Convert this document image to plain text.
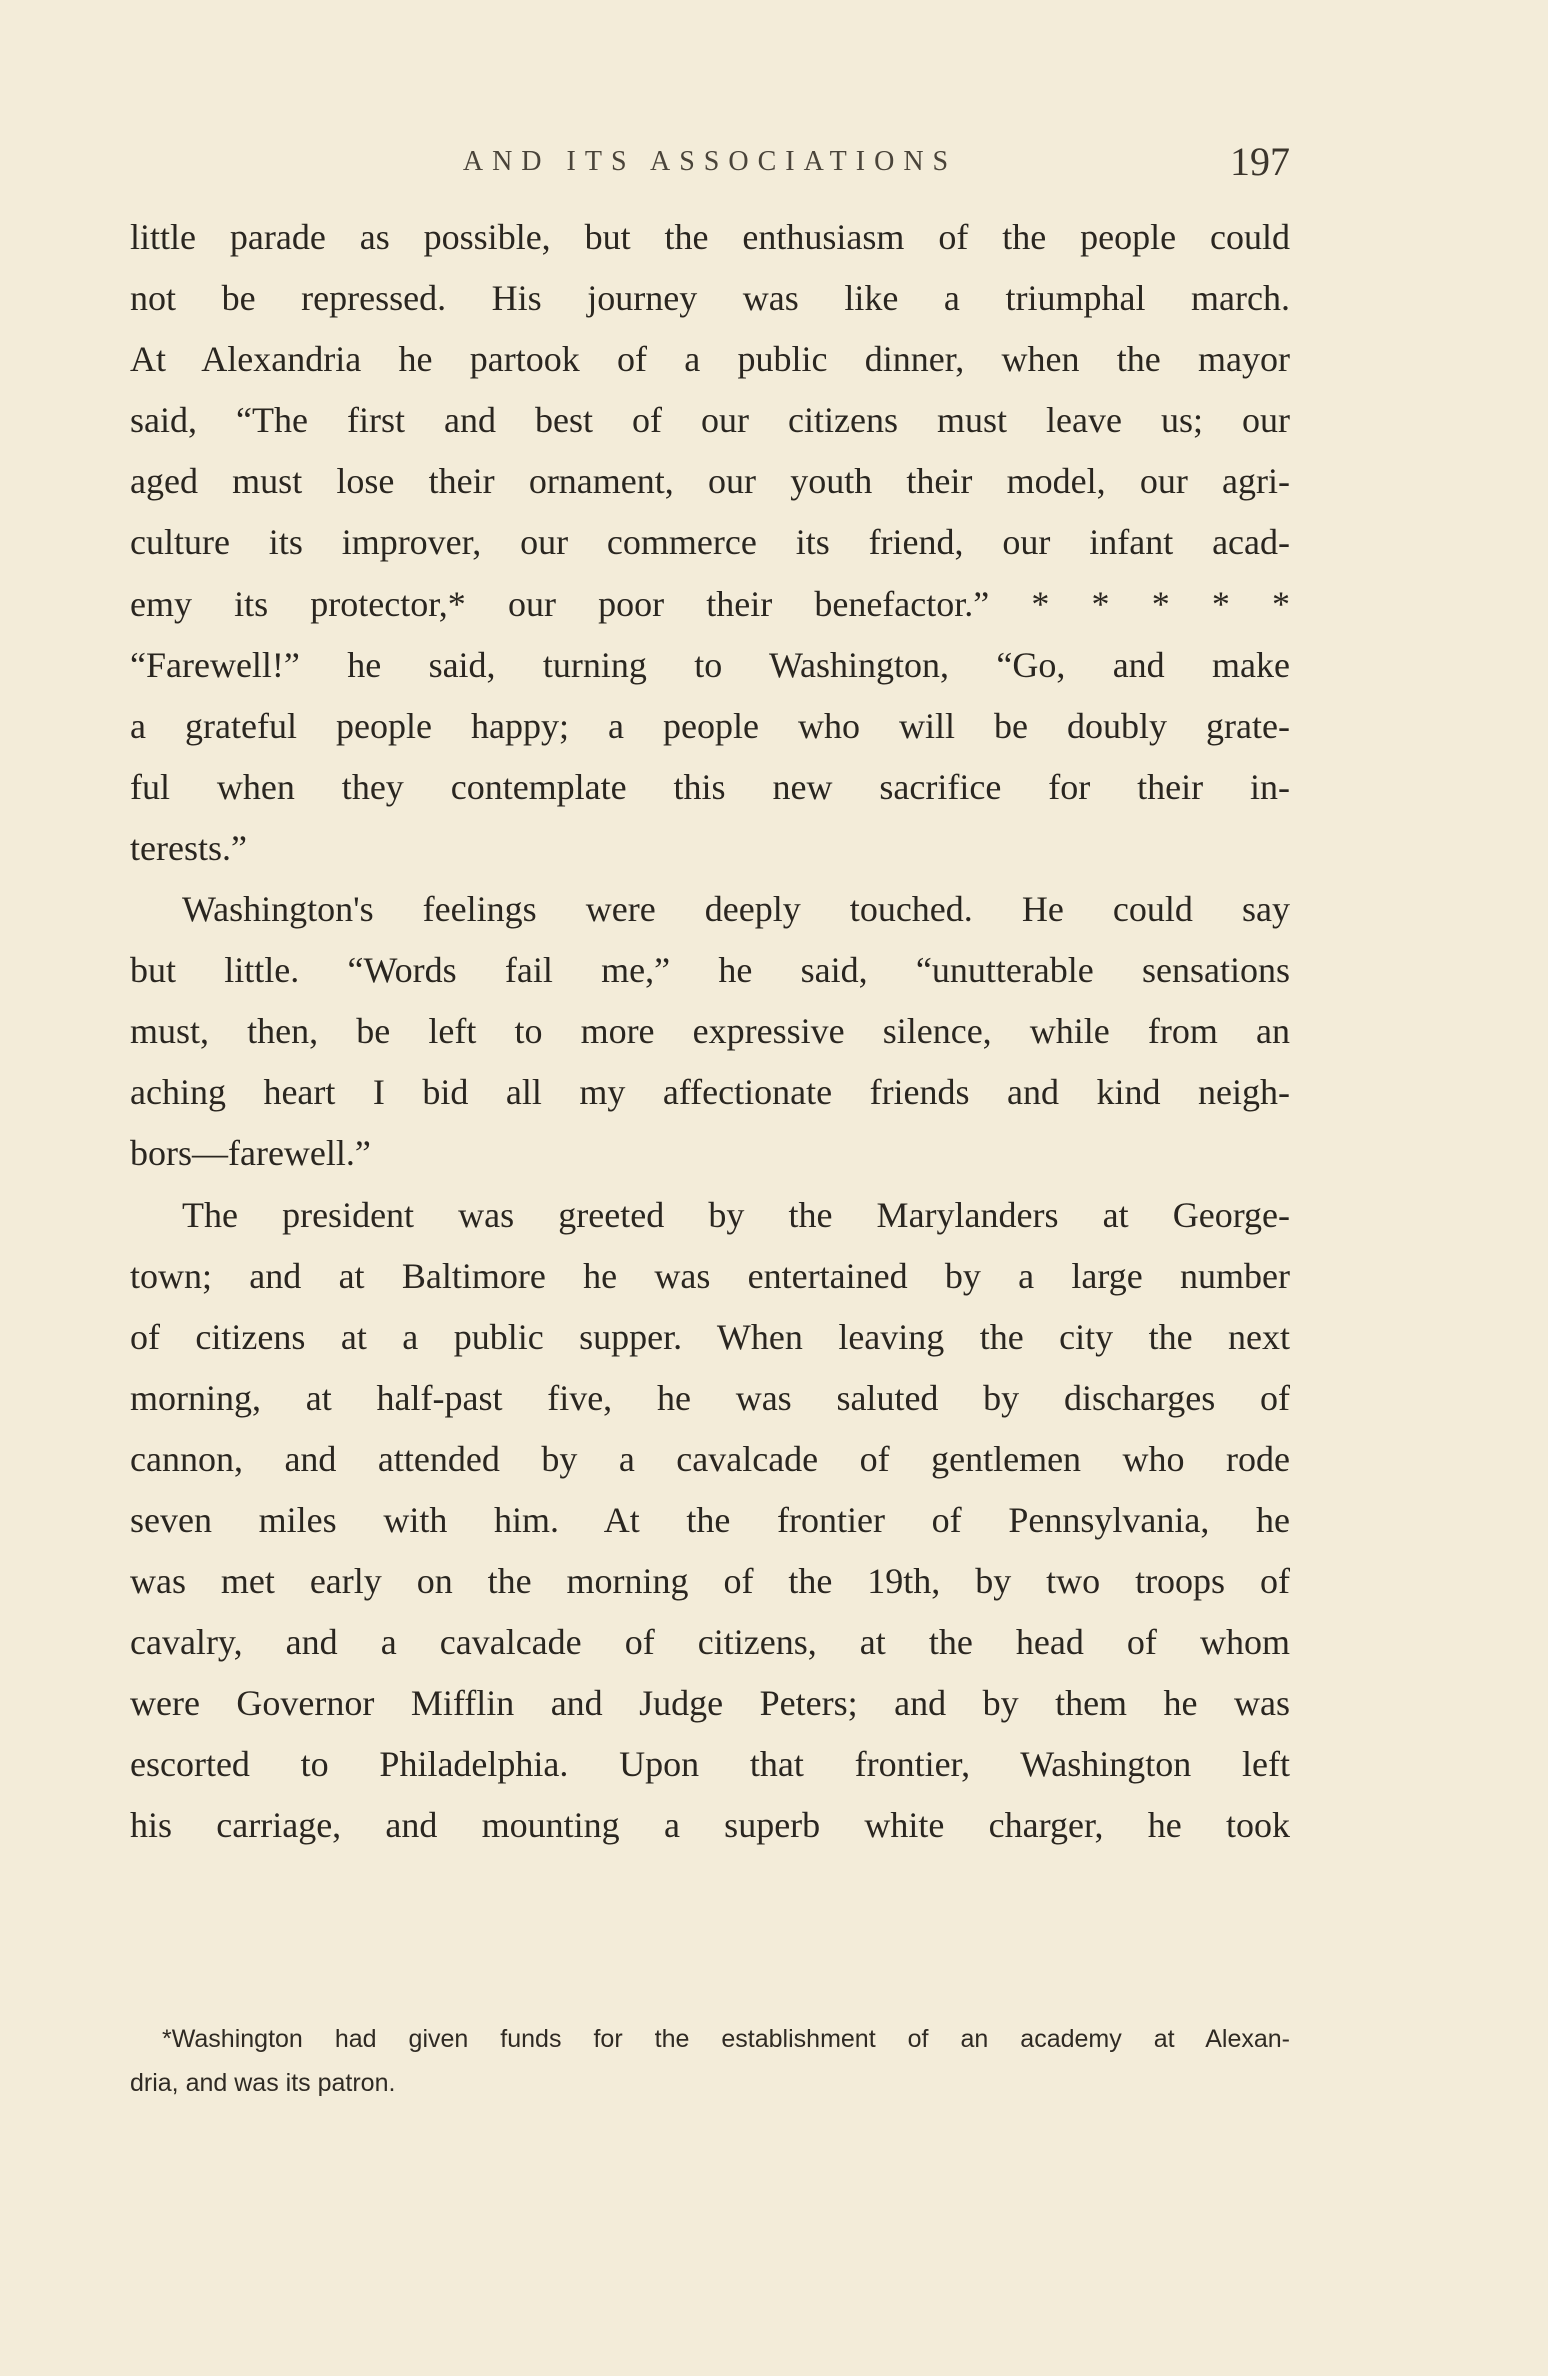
AND ITS ASSOCIATIONS	197
little parade as possible, but the enthusiasm of the people could
not be repressed. His journey was like a triumphal march.
At Alexandria he partook of a public dinner, when the mayor
said, “The first and best of our citizens must leave us; our
aged must lose their ornament, our youth their model, our agri-
culture its improver, our commerce its friend, our infant acad-
emy its protector,* our poor their benefactor.” * * * * *
“Farewell!” he said, turning to Washington, “Go, and make
a grateful people happy; a people who will be doubly grate-
ful when they contemplate this new sacrifice for their in-
terests.”
Washington's feelings were deeply touched. He could say
but little. “Words fail me,” he said, “unutterable sensations
must, then, be left to more expressive silence, while from an
aching heart I bid all my affectionate friends and kind neigh-
bors—farewell.”
The president was greeted by the Marylanders at George-
town; and at Baltimore he was entertained by a large number
of citizens at a public supper. When leaving the city the next
morning, at half-past five, he was saluted by discharges of
cannon, and attended by a cavalcade of gentlemen who rode
seven miles with him. At the frontier of Pennsylvania, he
was met early on the morning of the 19th, by two troops of
cavalry, and a cavalcade of citizens, at the head of whom
were Governor Mifflin and Judge Peters; and by them he was
escorted to Philadelphia. Upon that frontier, Washington left
his carriage, and mounting a superb white charger, he took
*Washington had given funds for the establishment of an academy at Alexan-
dria, and was its patron.
